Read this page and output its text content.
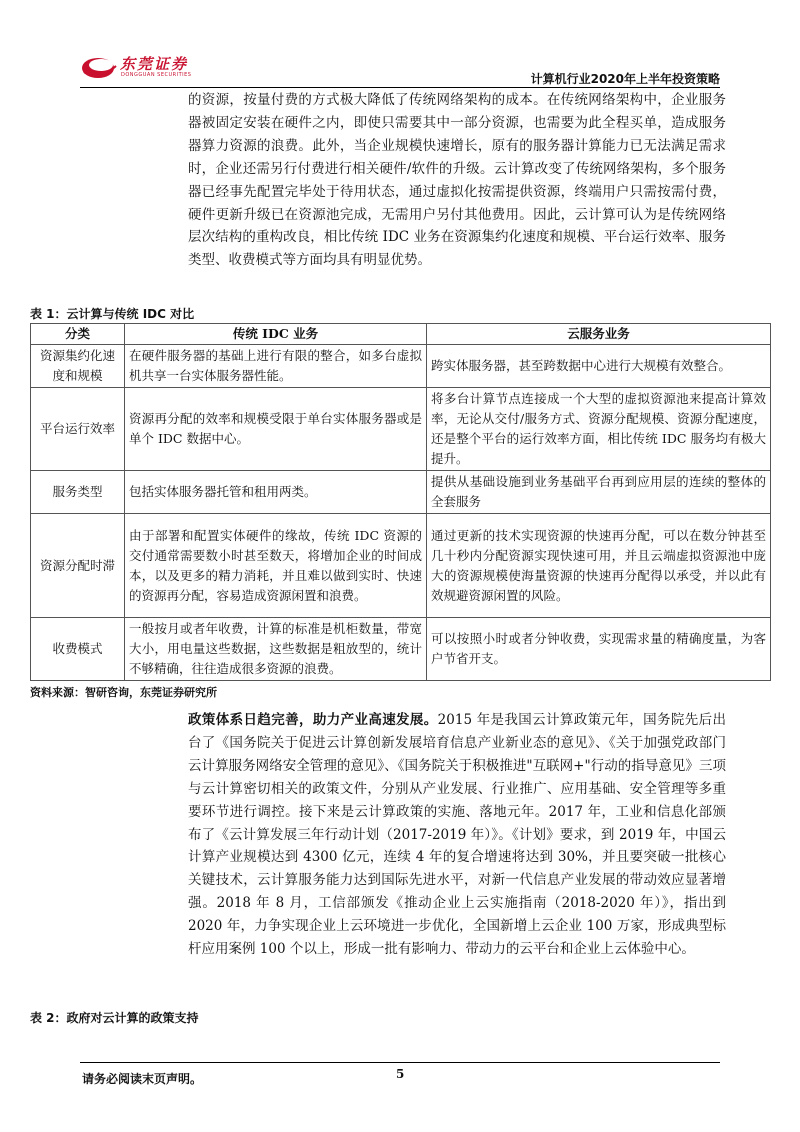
东莞证券
DONGGUAN SECURITIES	计算机行业2020年上半年投资策略

的资源，按量付费的方式极大降低了传统网络架构的成本。在传统网络架构中，企业服务器被固定安装在硬件之内，即使只需要其中一部分资源，也需要为此全程买单，造成服务器算力资源的浪费。此外，当企业规模快速增长，原有的服务器计算能力已无法满足需求时，企业还需另行付费进行相关硬件/软件的升级。云计算改变了传统网络架构，多个服务器已经事先配置完毕处于待用状态，通过虚拟化按需提供资源，终端用户只需按需付费，硬件更新升级已在资源池完成，无需用户另付其他费用。因此，云计算可认为是传统网络层次结构的重构改良，相比传统 IDC 业务在资源集约化速度和规模、平台运行效率、服务类型、收费模式等方面均具有明显优势。

表 1：云计算与传统 IDC 对比
分类	传统 IDC 业务	云服务业务
资源集约化速度和规模	在硬件服务器的基础上进行有限的整合，如多台虚拟机共享一台实体服务器性能。	跨实体服务器，甚至跨数据中心进行大规模有效整合。
平台运行效率	资源再分配的效率和规模受限于单台实体服务器或是单个 IDC 数据中心。	将多台计算节点连接成一个大型的虚拟资源池来提高计算效率，无论从交付/服务方式、资源分配规模、资源分配速度，还是整个平台的运行效率方面，相比传统 IDC 服务均有极大提升。
服务类型	包括实体服务器托管和租用两类。	提供从基础设施到业务基础平台再到应用层的连续的整体的全套服务
资源分配时滞	由于部署和配置实体硬件的缘故，传统 IDC 资源的交付通常需要数小时甚至数天，将增加企业的时间成本，以及更多的精力消耗，并且难以做到实时、快速的资源再分配，容易造成资源闲置和浪费。	通过更新的技术实现资源的快速再分配，可以在数分钟甚至几十秒内分配资源实现快速可用，并且云端虚拟资源池中庞大的资源规模使海量资源的快速再分配得以承受，并以此有效规避资源闲置的风险。
收费模式	一般按月或者年收费，计算的标准是机柜数量，带宽大小，用电量这些数据，这些数据是粗放型的，统计不够精确，往往造成很多资源的浪费。	可以按照小时或者分钟收费，实现需求量的精确度量，为客户节省开支。
资料来源：智研咨询，东莞证券研究所

政策体系日趋完善，助力产业高速发展。2015 年是我国云计算政策元年，国务院先后出台了《国务院关于促进云计算创新发展培育信息产业新业态的意见》、《关于加强党政部门云计算服务网络安全管理的意见》、《国务院关于积极推进"互联网+"行动的指导意见》三项与云计算密切相关的政策文件，分别从产业发展、行业推广、应用基础、安全管理等多重要环节进行调控。接下来是云计算政策的实施、落地元年。2017 年，工业和信息化部颁布了《云计算发展三年行动计划（2017-2019 年）》。《计划》要求，到 2019 年，中国云计算产业规模达到 4300 亿元，连续 4 年的复合增速将达到 30%，并且要突破一批核心关键技术，云计算服务能力达到国际先进水平，对新一代信息产业发展的带动效应显著增强。2018 年 8 月，工信部颁发《推动企业上云实施指南（2018-2020 年）》，指出到 2020 年，力争实现企业上云环境进一步优化，全国新增上云企业 100 万家，形成典型标杆应用案例 100 个以上，形成一批有影响力、带动力的云平台和企业上云体验中心。

表 2：政府对云计算的政策支持
请务必阅读末页声明。	5
